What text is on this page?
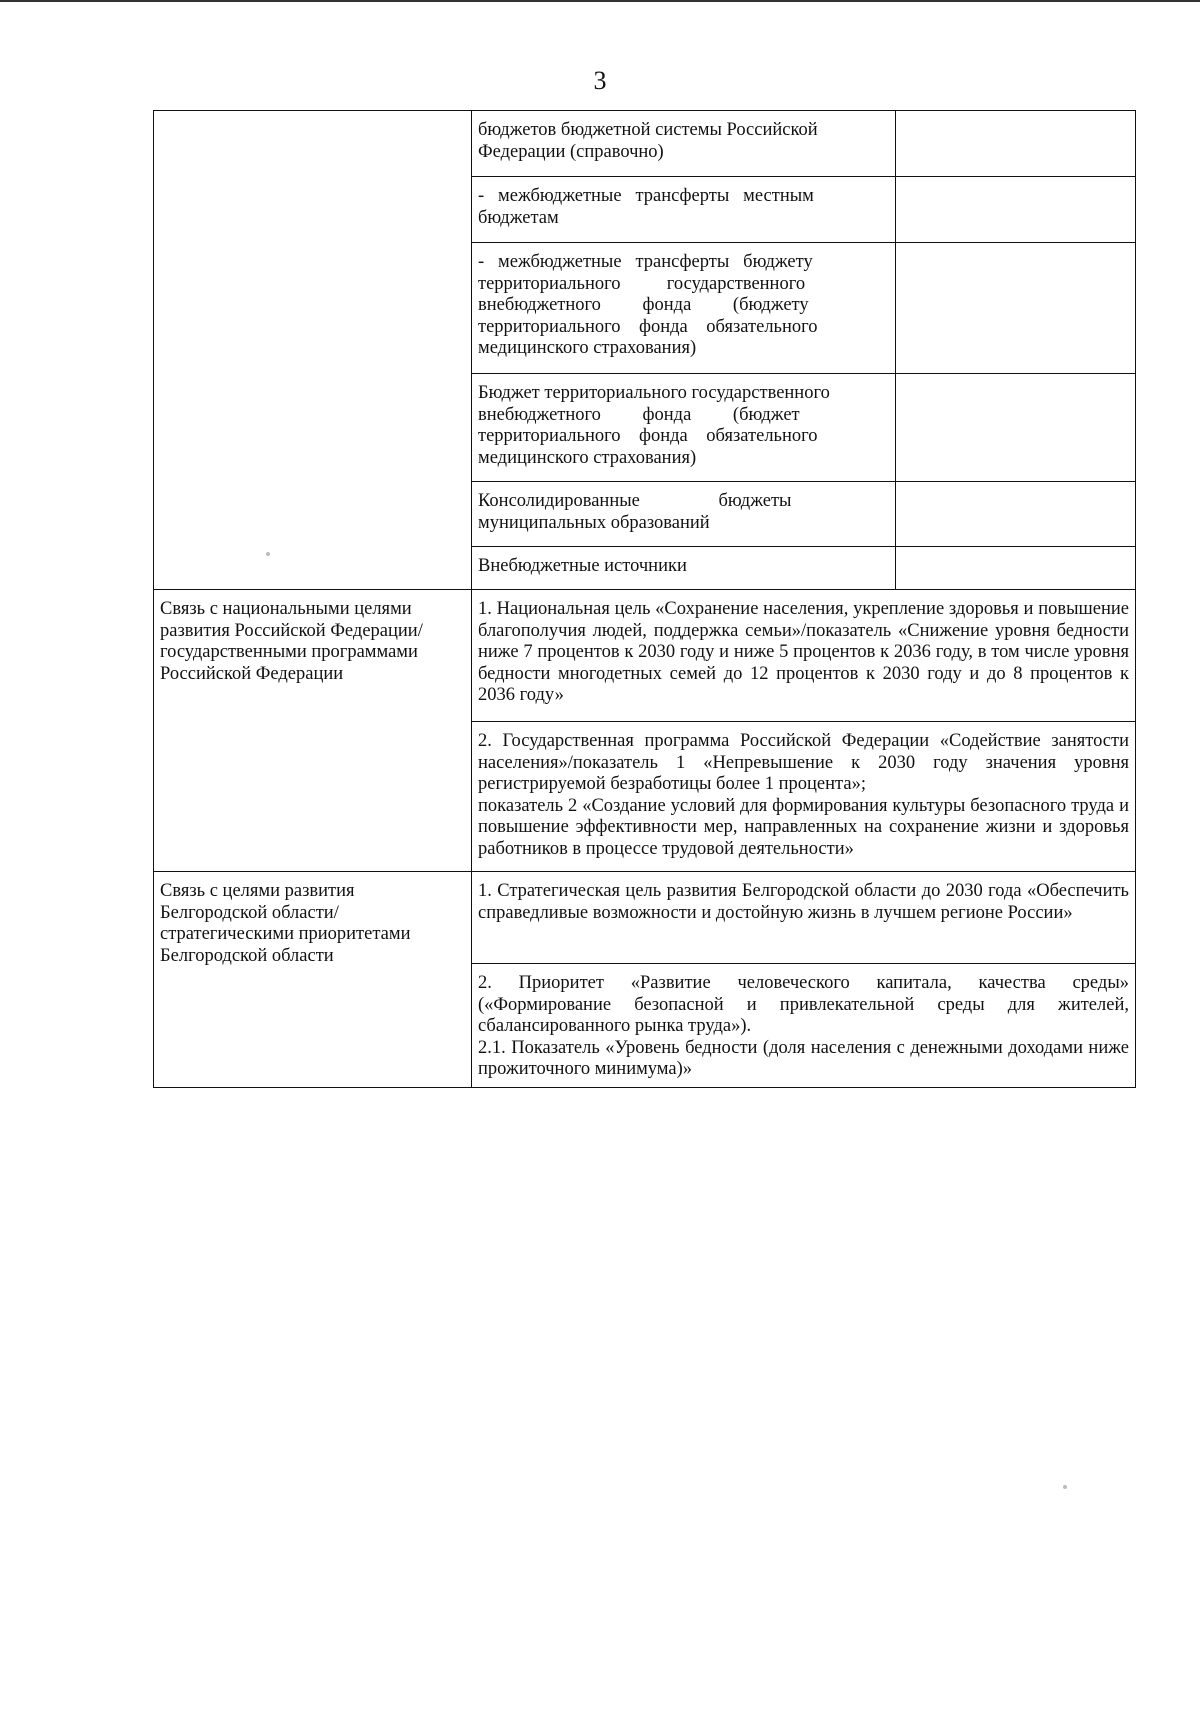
3

	бюджетов бюджетной системы Российской
Федерации (справочно)	

	-   межбюджетные   трансферты   местным
бюджетам	

	-   межбюджетные   трансферты   бюджету
территориального          государственного
внебюджетного         фонда         (бюджету
территориального    фонда    обязательного
медицинского страхования)	

	Бюджет территориального государственного
внебюджетного         фонда         (бюджет
территориального    фонда    обязательного
медицинского страхования)	

	Консолидированные                 бюджеты
муниципальных образований	

	Внебюджетные источники	

Связь с национальными целями развития Российской Федерации/государственными программами Российской Федерации	1. Национальная цель «Сохранение населения, укрепление здоровья и повышение благополучия людей, поддержка семьи»/показатель «Снижение уровня бедности ниже 7 процентов к 2030 году и ниже 5 процентов к 2036 году, в том числе уровня бедности многодетных семей до 12 процентов к 2030 году и до 8 процентов к 2036 году»	
	2. Государственная программа Российской Федерации «Содействие занятости населения»/показатель 1 «Непревышение к 2030 году значения уровня регистрируемой безработицы более 1 процента»;
показатель 2 «Создание условий для формирования культуры безопасного труда и повышение эффективности мер, направленных на сохранение жизни и здоровья работников в процессе трудовой деятельности»	
Связь с целями развития Белгородской области/стратегическими приоритетами Белгородской области	1. Стратегическая цель развития Белгородской области до 2030 года «Обеспечить справедливые возможности и достойную жизнь в лучшем регионе России»	
	2. Приоритет «Развитие человеческого капитала, качества среды» («Формирование безопасной и привлекательной среды для жителей, сбалансированного рынка труда»).
2.1. Показатель «Уровень бедности (доля населения с денежными доходами ниже прожиточного минимума)»	
